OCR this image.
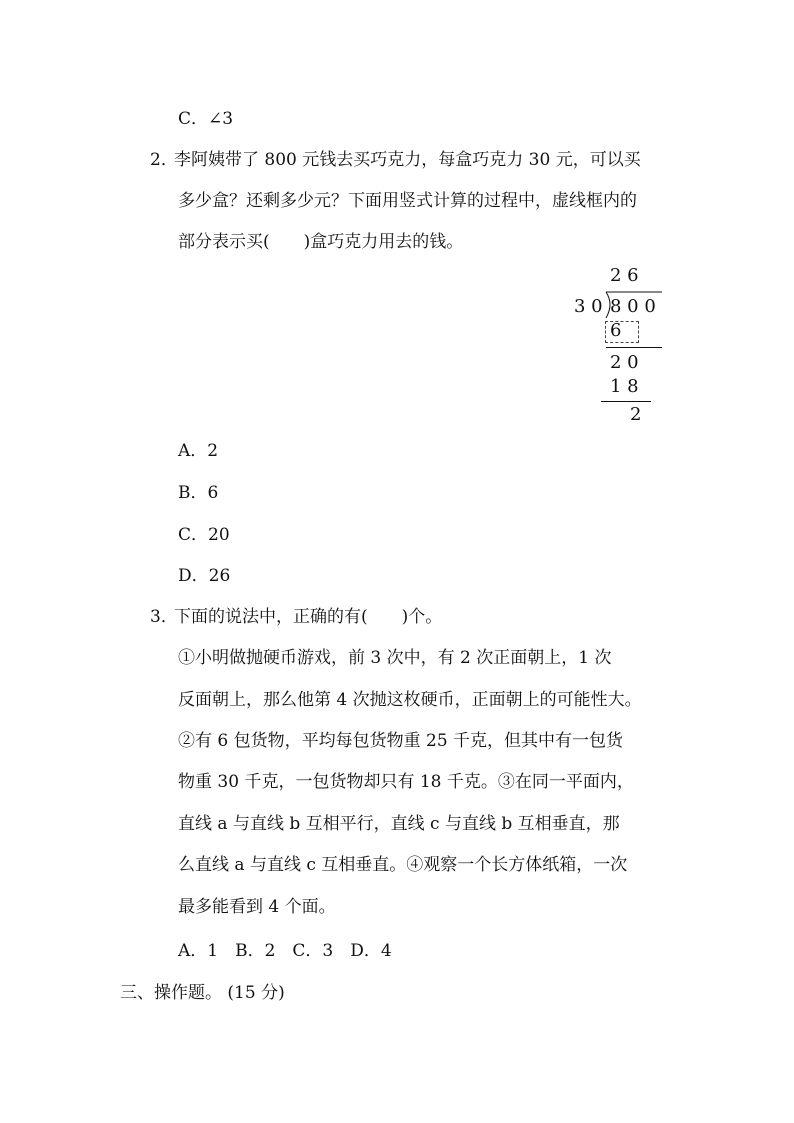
C．∠3
2．
李阿姨带了 800 元钱去买巧克力，每盒巧克力 30 元，可以买
多少盒？还剩多少元？下面用竖式计算的过程中，虚线框内的
部分表示买(　　)盒巧克力用去的钱。
2 6
3 0 8 0 0
6
2 0
1 8
2
A．2
B．6
C．20
D．26
3．
下面的说法中，正确的有(　　)个。
①小明做抛硬币游戏，前 3 次中，有 2 次正面朝上，1 次
反面朝上，那么他第 4 次抛这枚硬币，正面朝上的可能性大。
②有 6 包货物，平均每包货物重 25 千克，但其中有一包货
物重 30 千克，一包货物却只有 18 千克。③在同一平面内，
直线 a 与直线 b 互相平行，直线 c 与直线 b 互相垂直，那
么直线 a 与直线 c 互相垂直。④观察一个长方体纸箱，一次
最多能看到 4 个面。
A．1　B．2　C．3　D．4
三、操作题。 (15 分)
